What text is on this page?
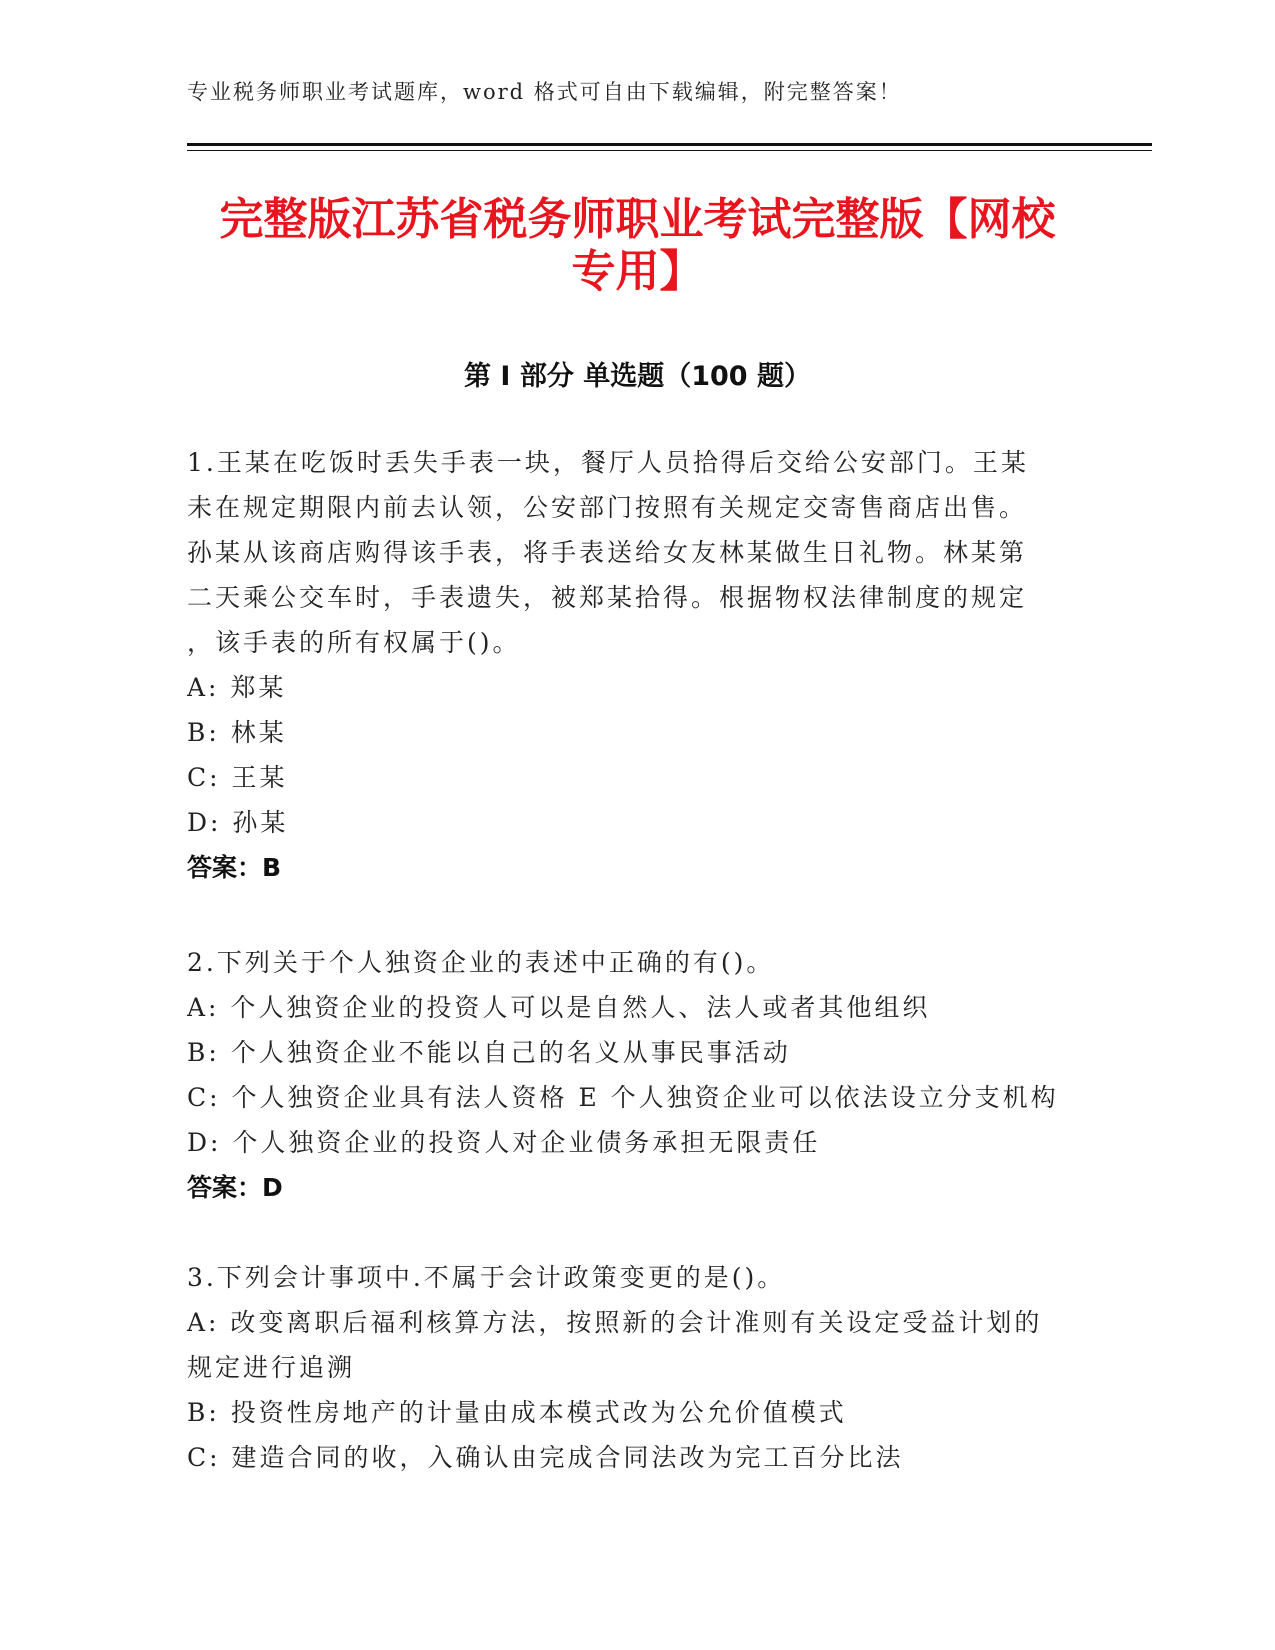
专业税务师职业考试题库，word 格式可自由下载编辑，附完整答案！
完整版江苏省税务师职业考试完整版【网校
专用】
第 I 部分 单选题（100 题）

1.王某在吃饭时丢失手表一块，餐厅人员拾得后交给公安部门。王某

未在规定期限内前去认领，公安部门按照有关规定交寄售商店出售。

孙某从该商店购得该手表，将手表送给女友林某做生日礼物。林某第

二天乘公交车时，手表遗失，被郑某拾得。根据物权法律制度的规定

，该手表的所有权属于()。

A: 郑某

B: 林某

C: 王某

D: 孙某

答案：B

2.下列关于个人独资企业的表述中正确的有()。

A: 个人独资企业的投资人可以是自然人、法人或者其他组织

B: 个人独资企业不能以自己的名义从事民事活动

C: 个人独资企业具有法人资格 E 个人独资企业可以依法设立分支机构

D: 个人独资企业的投资人对企业债务承担无限责任

答案：D

3.下列会计事项中.不属于会计政策变更的是()。

A: 改变离职后福利核算方法，按照新的会计准则有关设定受益计划的

规定进行追溯

B: 投资性房地产的计量由成本模式改为公允价值模式

C: 建造合同的收，入确认由完成合同法改为完工百分比法
